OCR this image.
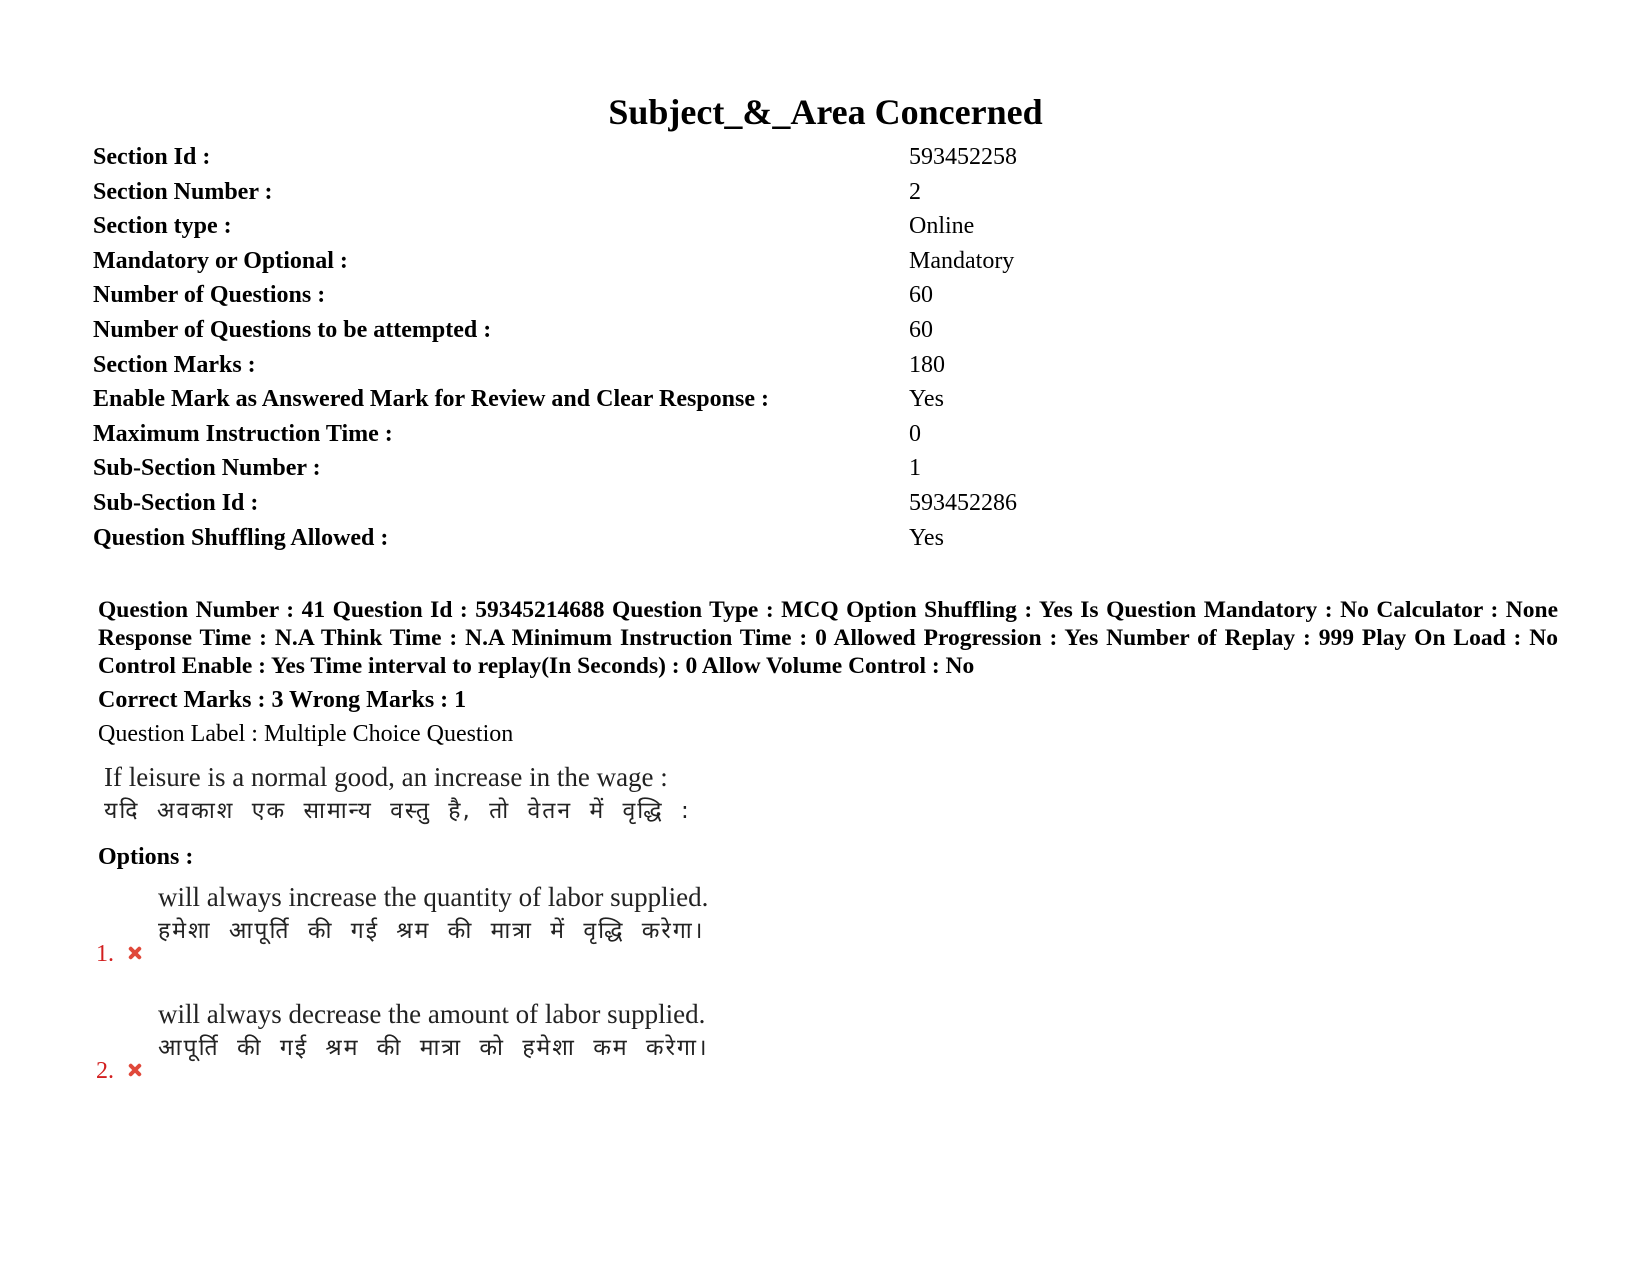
Subject_&_Area Concerned
Section Id :	593452258
Section Number :	2
Section type :	Online
Mandatory or Optional :	Mandatory
Number of Questions :	60
Number of Questions to be attempted :	60
Section Marks :	180
Enable Mark as Answered Mark for Review and Clear Response :	Yes
Maximum Instruction Time :	0
Sub-Section Number :	1
Sub-Section Id :	593452286
Question Shuffling Allowed :	Yes
Question Number : 41 Question Id : 59345214688 Question Type : MCQ Option Shuffling : Yes Is Question Mandatory : No Calculator : None Response Time : N.A Think Time : N.A Minimum Instruction Time : 0 Allowed Progression : Yes Number of Replay : 999 Play On Load : No Control Enable : Yes Time interval to replay(In Seconds) : 0 Allow Volume Control : No
Correct Marks : 3 Wrong Marks : 1
Question Label : Multiple Choice Question
If leisure is a normal good, an increase in the wage :
यदि अवकाश एक सामान्य वस्तु है, तो वेतन में वृद्धि :
Options :
1.
will always increase the quantity of labor supplied.
हमेशा आपूर्ति की गई श्रम की मात्रा में वृद्धि करेगा।
2.
will always decrease the amount of labor supplied.
आपूर्ति की गई श्रम की मात्रा को हमेशा कम करेगा।
